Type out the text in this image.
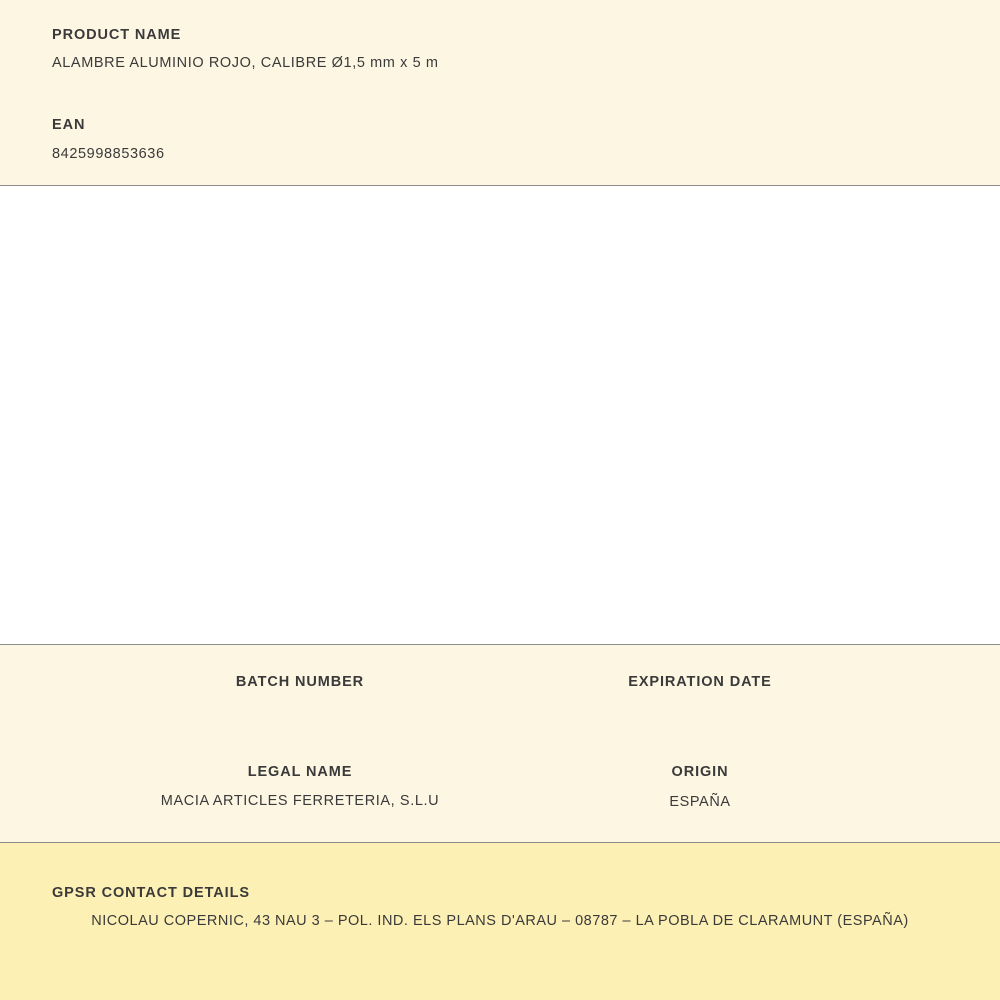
PRODUCT NAME
ALAMBRE ALUMINIO ROJO, CALIBRE Ø1,5 mm x 5 m
EAN
8425998853636
BATCH NUMBER	EXPIRATION DATE
LEGAL NAME
MACIA ARTICLES FERRETERIA, S.L.U
ORIGIN
ESPAÑA
GPSR CONTACT DETAILS
NICOLAU COPERNIC, 43 NAU 3 – POL. IND. ELS PLANS D'ARAU – 08787 – LA POBLA DE CLARAMUNT (ESPAÑA)
